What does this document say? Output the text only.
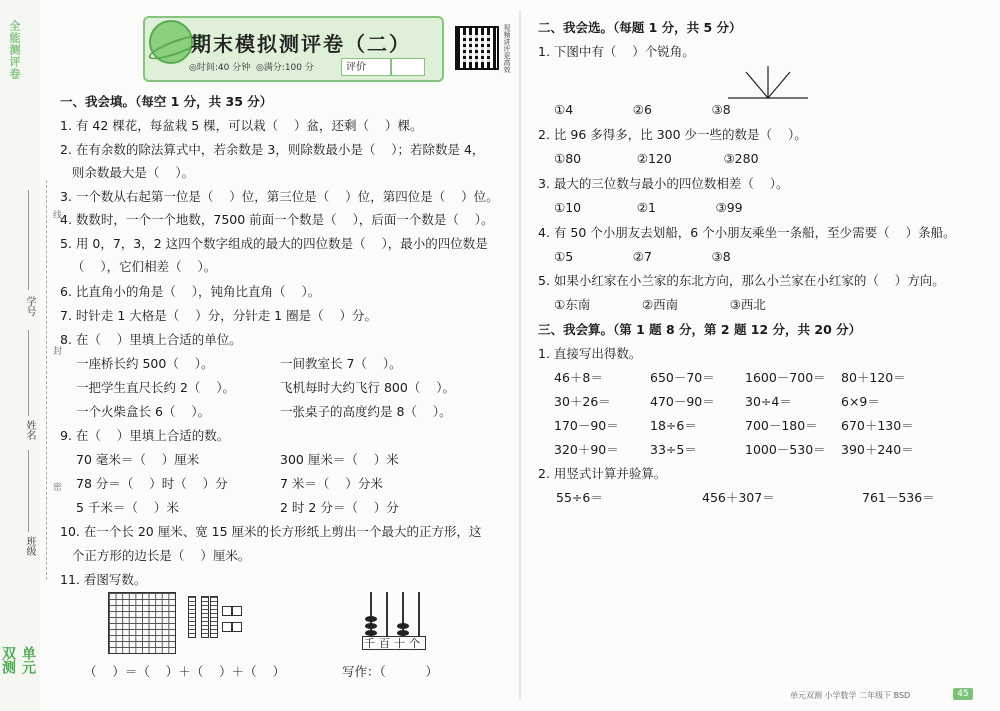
全能测评卷
单元双测
线
封
密
学号
姓名
班级
期末模拟测评卷（二）
◎时间:40 分钟 ◎满分:100 分	评价	视频讲评更高效
一、我会填。（每空 1 分，共 35 分）
1. 有 42 棵花，每盆栽 5 棵，可以栽（    ）盆，还剩（    ）棵。
2. 在有余数的除法算式中，若余数是 3，则除数最小是（    ）；若除数是 4，
则余数最大是（    ）。
3. 一个数从右起第一位是（    ）位，第三位是（    ）位，第四位是（    ）位。
4. 数数时，一个一个地数，7500 前面一个数是（    ），后面一个数是（    ）。
5. 用 0，7，3，2 这四个数字组成的最大的四位数是（    ），最小的四位数是
（    ），它们相差（    ）。
6. 比直角小的角是（    ），钝角比直角（    ）。
7. 时针走 1 大格是（    ）分，分针走 1 圈是（    ）分。
8. 在（    ）里填上合适的单位。
一座桥长约 500（    ）。	一间教室长 7（    ）。
一把学生直尺长约 2（    ）。	飞机每时大约飞行 800（    ）。
一个火柴盒长 6（    ）。	一张桌子的高度约是 8（    ）。
9. 在（    ）里填上合适的数。
70 毫米＝（    ）厘米	300 厘米＝（    ）米
78 分＝（    ）时（    ）分	7 米＝（    ）分米
5 千米＝（    ）米	2 时 2 分＝（    ）分
10. 在一个长 20 厘米、宽 15 厘米的长方形纸上剪出一个最大的正方形，这
个正方形的边长是（    ）厘米。
11. 看图写数。
千百十个
（    ）＝（    ）＋（    ）＋（    ）	写作：（          ）
二、我会选。（每题 1 分，共 5 分）
1. 下图中有（    ）个锐角。
①4               ②6               ③8
2. 比 96 多得多，比 300 少一些的数是（    ）。
①80              ②120             ③280
3. 最大的三位数与最小的四位数相差（    ）。
①10              ②1               ③99
4. 有 50 个小朋友去划船，6 个小朋友乘坐一条船，至少需要（    ）条船。
①5               ②7               ③8
5. 如果小红家在小兰家的东北方向，那么小兰家在小红家的（    ）方向。
①东南             ②西南             ③西北
三、我会算。（第 1 题 8 分，第 2 题 12 分，共 20 分）
1. 直接写出得数。
46＋8＝	650－70＝ 1600－700＝ 80＋120＝
30＋26＝	470－90＝ 30÷4＝	6×9＝
170－90＝ 18÷6＝	700－180＝ 670＋130＝
320＋90＝ 33÷5＝	1000－530＝ 390＋240＝
2. 用竖式计算并验算。
55÷6＝	456＋307＝	761－536＝
单元双测 小学数学 二年级下 BSD	45
